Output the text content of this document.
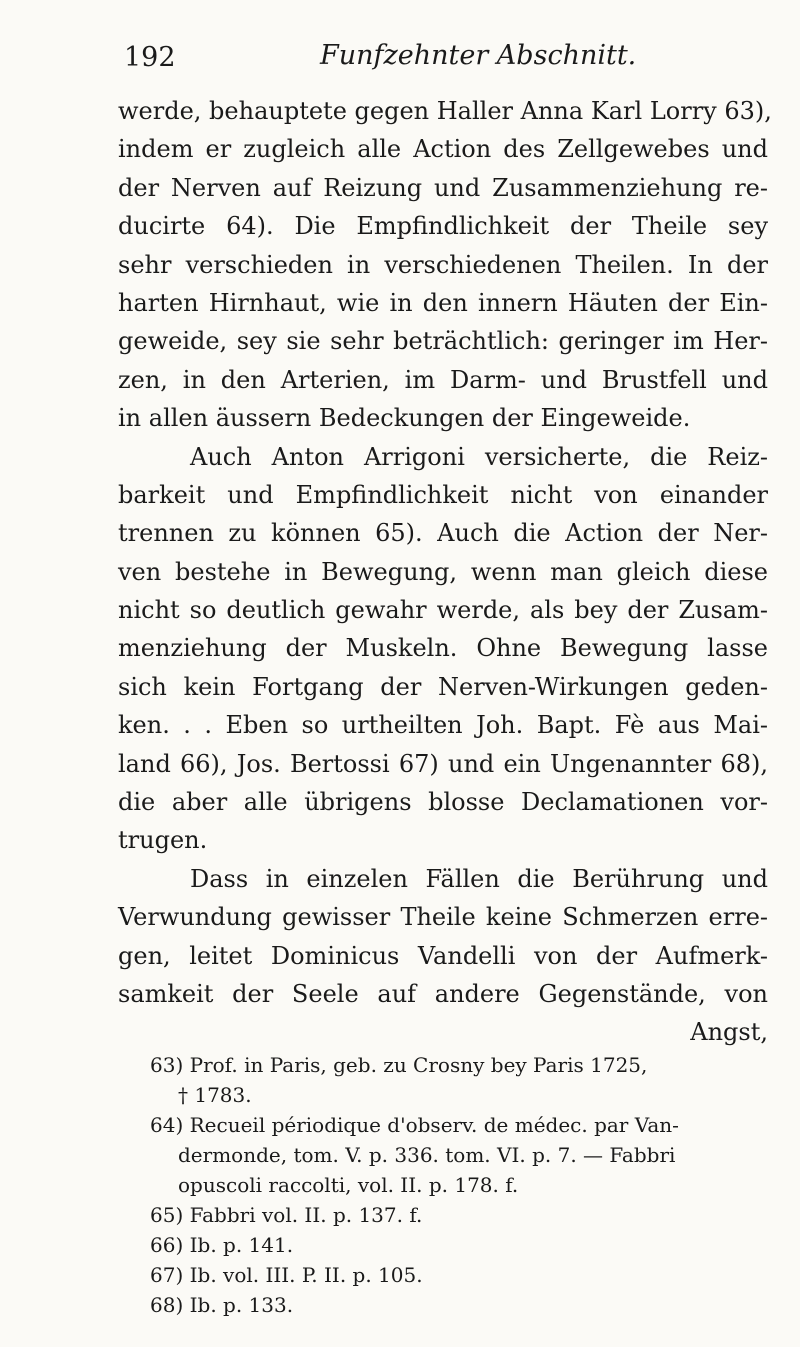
192	Funfzehnter Abschnitt.
werde, behauptete gegen Haller Anna Karl Lorry 63),
indem er zugleich alle Action des Zellgewebes und
der Nerven auf Reizung und Zusammenziehung re-
ducirte 64). Die Empfindlichkeit der Theile sey
sehr verschieden in verschiedenen Theilen. In der
harten Hirnhaut, wie in den innern Häuten der Ein-
geweide, sey sie sehr beträchtlich: geringer im Her-
zen, in den Arterien, im Darm- und Brustfell und
in allen äussern Bedeckungen der Eingeweide.
Auch Anton Arrigoni versicherte, die Reiz-
barkeit und Empfindlichkeit nicht von einander
trennen zu können 65). Auch die Action der Ner-
ven bestehe in Bewegung, wenn man gleich diese
nicht so deutlich gewahr werde, als bey der Zusam-
menziehung der Muskeln. Ohne Bewegung lasse
sich kein Fortgang der Nerven-Wirkungen geden-
ken. . . Eben so urtheilten Joh. Bapt. Fè aus Mai-
land 66), Jos. Bertossi 67) und ein Ungenannter 68),
die aber alle übrigens blosse Declamationen vor-
trugen.
Dass in einzelen Fällen die Berührung und
Verwundung gewisser Theile keine Schmerzen erre-
gen, leitet Dominicus Vandelli von der Aufmerk-
samkeit der Seele auf andere Gegenstände, von
Angst,
63) Prof. in Paris, geb. zu Crosny bey Paris 1725,
† 1783.
64) Recueil périodique d'observ. de médec. par Van-
dermonde, tom. V. p. 336. tom. VI. p. 7. — Fabbri
opuscoli raccolti, vol. II. p. 178. f.
65) Fabbri vol. II. p. 137. f.
66) Ib. p. 141.
67) Ib. vol. III. P. II. p. 105.
68) Ib. p. 133.
